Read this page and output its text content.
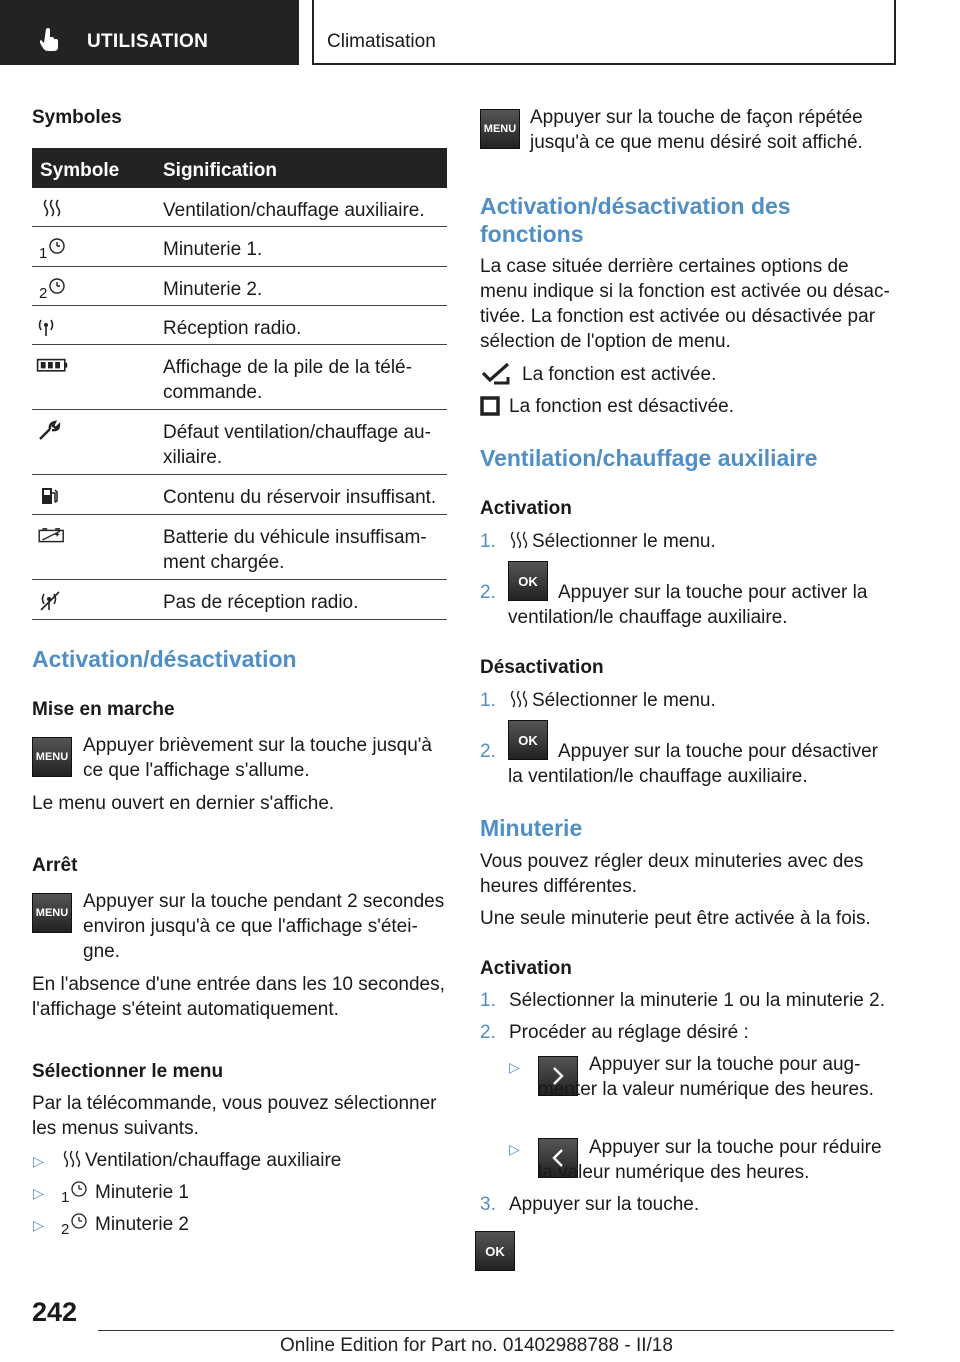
UTILISATION	Climatisation
Symboles
Symbole Signification
Ventilation/chauffage auxiliaire.
1	Minuterie 1.
2	Minuterie 2.
Réception radio.
Affichage de la pile de la télé-commande.
Défaut ventilation/chauffage au-xiliaire.
Contenu du réservoir insuffisant.
Batterie du véhicule insuffisam-ment chargée.
Pas de réception radio.
Activation/désactivation
Mise en marche
MENU
Appuyer brièvement sur la touche jusqu'à ce que l'affichage s'allume.
Le menu ouvert en dernier s'affiche.
Arrêt
MENU
Appuyer sur la touche pendant 2 secondes environ jusqu'à ce que l'affichage s'étei-gne.
En l'absence d'une entrée dans les 10 secondes, l'affichage s'éteint automatiquement.
Sélectionner le menu
Par la télécommande, vous pouvez sélectionner les menus suivants.
▷ Ventilation/chauffage auxiliaire
▷ 1 Minuterie 1
▷ 2 Minuterie 2
MENU
Appuyer sur la touche de façon répétée jusqu'à ce que menu désiré soit affiché.
Activation/désactivation des fonctions
La case située derrière certaines options de menu indique si la fonction est activée ou désac-tivée. La fonction est activée ou désactivée par sélection de l'option de menu.
La fonction est activée.
La fonction est désactivée.
Ventilation/chauffage auxiliaire
Activation
1. Sélectionner le menu.
2.
OK
Appuyer sur la touche pour activer la ventilation/le chauffage auxiliaire.
Désactivation
1. Sélectionner le menu.
2.
OK
Appuyer sur la touche pour désactiver la ventilation/le chauffage auxiliaire.
Minuterie
Vous pouvez régler deux minuteries avec des heures différentes.
Une seule minuterie peut être activée à la fois.
Activation
1. Sélectionner la minuterie 1 ou la minuterie 2.
2. Procéder au réglage désiré :
▷	Appuyer sur la touche pour aug-menter la valeur numérique des heures.
▷	Appuyer sur la touche pour réduire la valeur numérique des heures.
3. Appuyer sur la touche.
OK
242
Online Edition for Part no. 01402988788 - II/18
